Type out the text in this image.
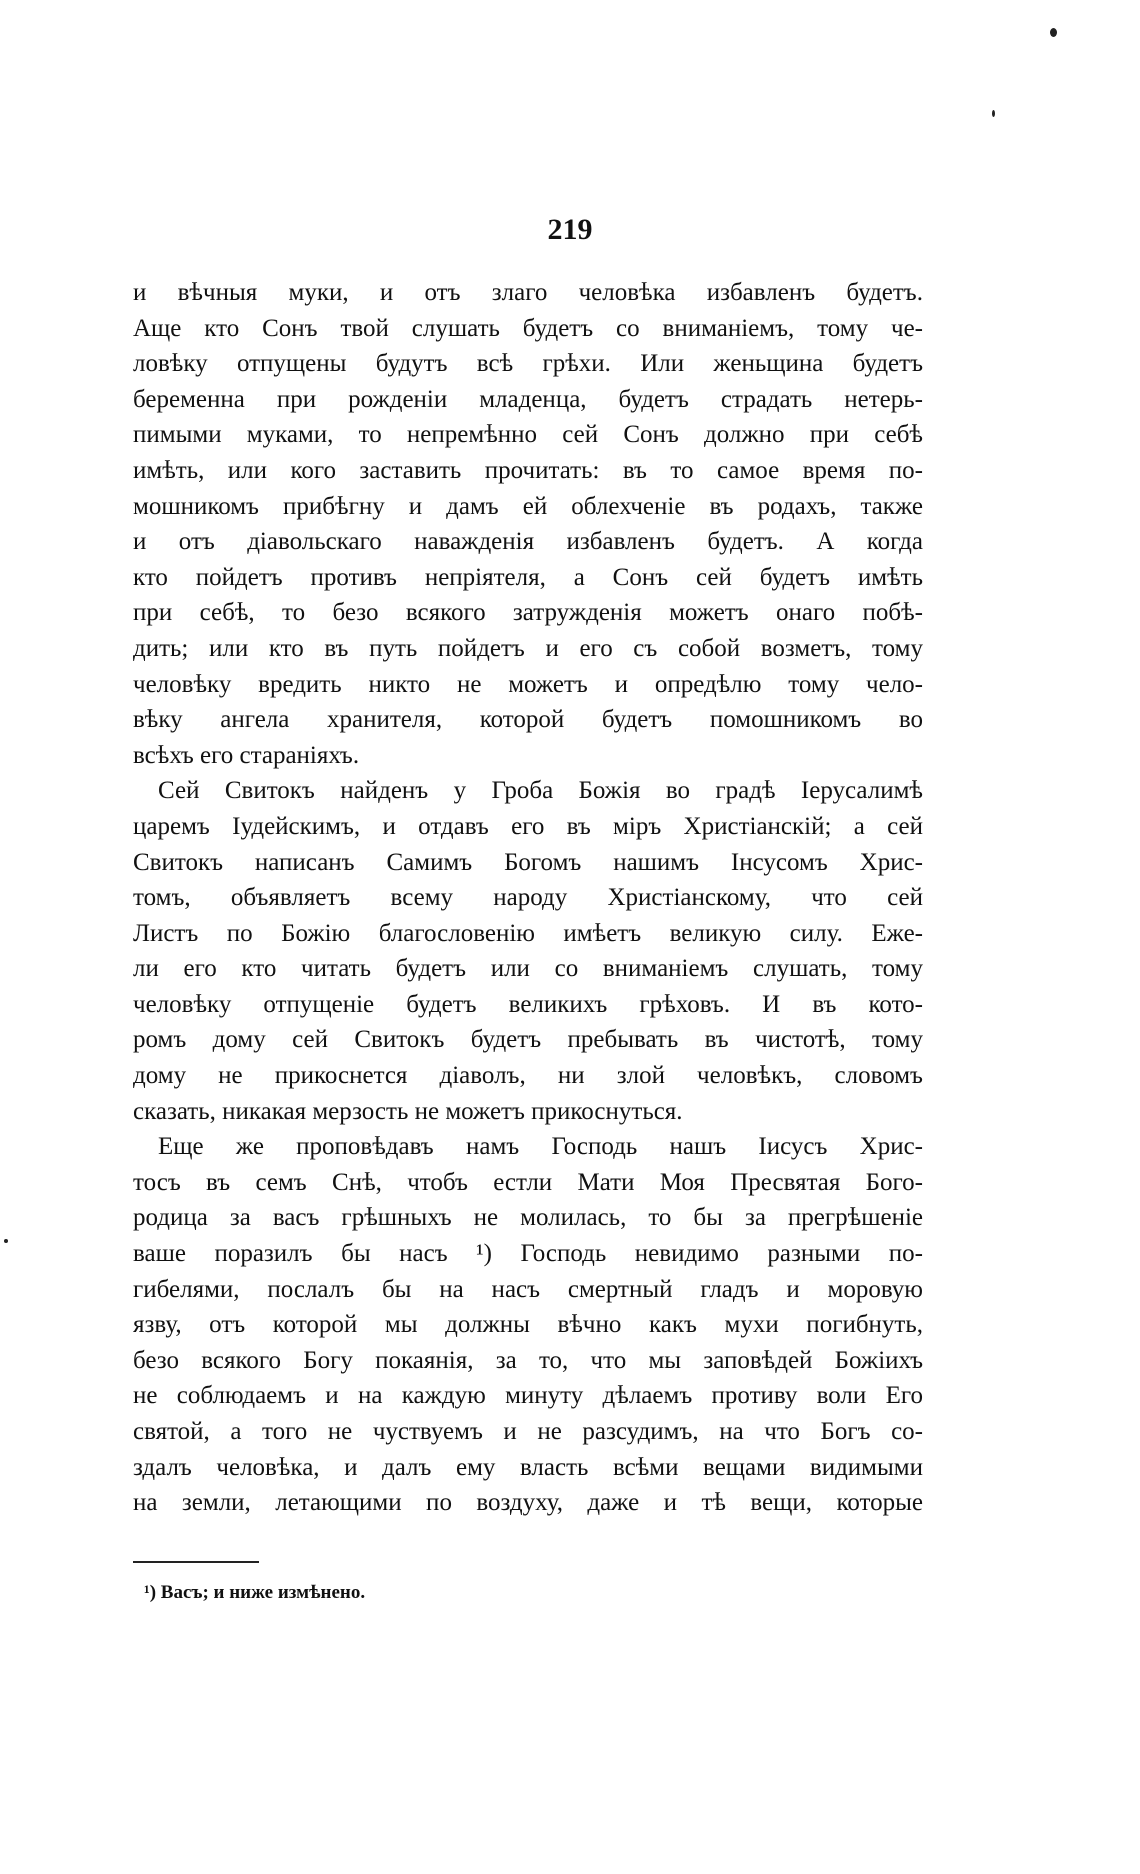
219
и вѣчныя муки, и отъ злаго человѣка избавленъ будетъ.
Аще кто Сонъ твой слушать будетъ со вниманіемъ, тому че-
ловѣку отпущены будутъ всѣ грѣхи. Или женьщина будетъ
беременна при рожденіи младенца, будетъ страдать нетерь-
пимыми муками, то непремѣнно сей Сонъ должно при себѣ
имѣть, или кого заставить прочитать: въ то самое время по-
мошникомъ прибѣгну и дамъ ей облехченіе въ родахъ, также
и отъ діавольскаго наважденія избавленъ будетъ. А когда
кто пойдетъ противъ непріятеля, а Сонъ сей будетъ имѣть
при себѣ, то безо всякого затружденія можетъ онаго побѣ-
дить; или кто въ путь пойдетъ и его съ собой возметъ, тому
человѣку вредить никто не можетъ и опредѣлю тому чело-
вѣку ангела хранителя, которой будетъ помошникомъ во
всѣхъ его стараніяхъ.
Сей Свитокъ найденъ у Гроба Божія во градѣ Іерусалимѣ
царемъ Іудейскимъ, и отдавъ его въ міръ Христіанскій; а сей
Свитокъ написанъ Самимъ Богомъ нашимъ Інсусомъ Хрис-
томъ, объявляетъ всему народу Христіанскому, что сей
Листъ по Божію благословенію имѣетъ великую силу. Еже-
ли его кто читать будетъ или со вниманіемъ слушать, тому
человѣку отпущеніе будетъ великихъ грѣховъ. И въ кото-
ромъ дому сей Свитокъ будетъ пребывать въ чистотѣ, тому
дому не прикоснется діаволъ, ни злой человѣкъ, словомъ
сказать, никакая мерзость не можетъ прикоснуться.
Еще же проповѣдавъ намъ Господь нашъ Іисусъ Хрис-
тосъ въ семъ Снѣ, чтобъ естли Мати Моя Пресвятая Бого-
родица за васъ грѣшныхъ не молилась, то бы за прегрѣшеніе
ваше поразилъ бы насъ ¹) Господь невидимо разными по-
гибелями, послалъ бы на насъ смертный гладъ и моровую
язву, отъ которой мы должны вѣчно какъ мухи погибнуть,
безо всякого Богу покаянія, за то, что мы заповѣдей Божіихъ
не соблюдаемъ и на каждую минуту дѣлаемъ противу воли Его
святой, а того не чуствуемъ и не разсудимъ, на что Богъ со-
здалъ человѣка, и далъ ему власть всѣми вещами видимыми
на земли, летающими по воздуху, даже и тѣ вещи, которые
¹) Васъ; и ниже измѣнено.
